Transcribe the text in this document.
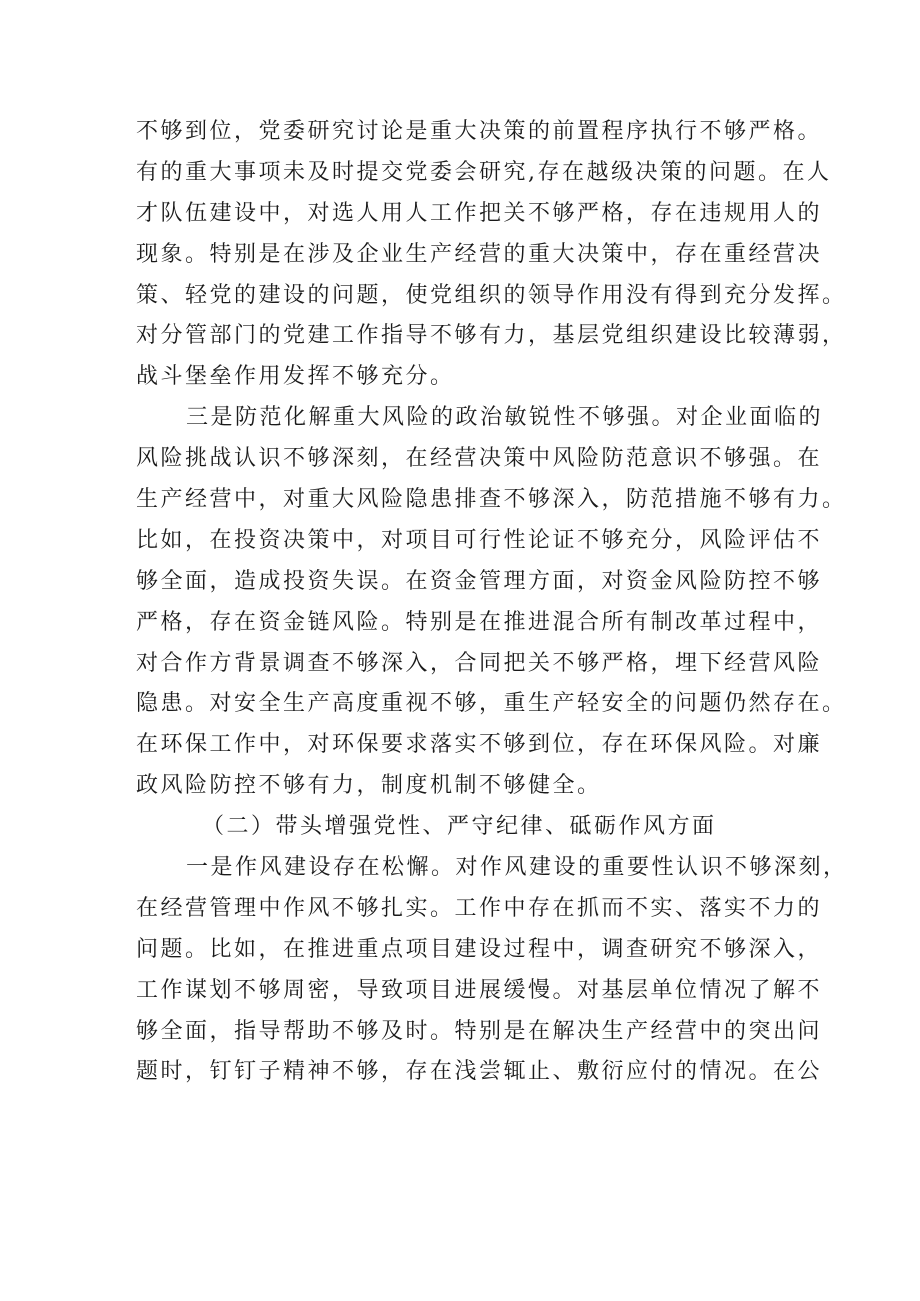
不够到位，党委研究讨论是重大决策的前置程序执行不够严格。
有的重大事项未及时提交党委会研究,存在越级决策的问题。在人
才队伍建设中，对选人用人工作把关不够严格，存在违规用人的
现象。特别是在涉及企业生产经营的重大决策中，存在重经营决
策、轻党的建设的问题，使党组织的领导作用没有得到充分发挥。
对分管部门的党建工作指导不够有力，基层党组织建设比较薄弱，
战斗堡垒作用发挥不够充分。
三是防范化解重大风险的政治敏锐性不够强。对企业面临的
风险挑战认识不够深刻，在经营决策中风险防范意识不够强。在
生产经营中，对重大风险隐患排查不够深入，防范措施不够有力。
比如，在投资决策中，对项目可行性论证不够充分，风险评估不
够全面，造成投资失误。在资金管理方面，对资金风险防控不够
严格，存在资金链风险。特别是在推进混合所有制改革过程中，
对合作方背景调查不够深入，合同把关不够严格，埋下经营风险
隐患。对安全生产高度重视不够，重生产轻安全的问题仍然存在。
在环保工作中，对环保要求落实不够到位，存在环保风险。对廉
政风险防控不够有力，制度机制不够健全。
（二）带头增强党性、严守纪律、砥砺作风方面
一是作风建设存在松懈。对作风建设的重要性认识不够深刻，
在经营管理中作风不够扎实。工作中存在抓而不实、落实不力的
问题。比如，在推进重点项目建设过程中，调查研究不够深入，
工作谋划不够周密，导致项目进展缓慢。对基层单位情况了解不
够全面，指导帮助不够及时。特别是在解决生产经营中的突出问
题时，钉钉子精神不够，存在浅尝辄止、敷衍应付的情况。在公
